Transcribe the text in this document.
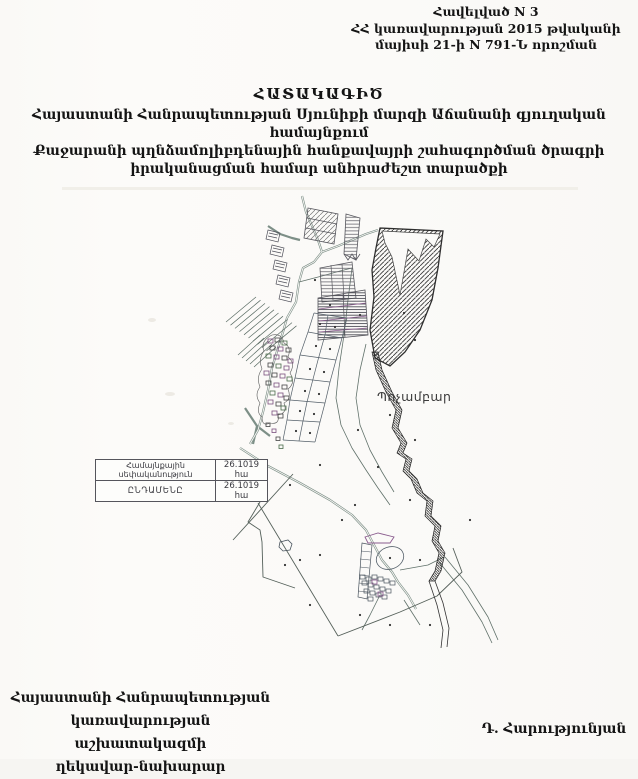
Հավելված N 3
ՀՀ կառավարության 2015 թվականի
մայիսի 21-ի N 791-Ն որոշման
ՀԱՏԱԿԱԳԻԾ

Հայաստանի Հանրապետության Սյունիքի մարզի Աճանանի գյուղական համայնքում

Քաջարանի պղնձամոլիբդենային հանքավայրի շահագործման ծրագրի

իրականացման համար անհրաժեշտ տարածքի

Պոչամբար
Համայնքային սեփականություն	26.1019 հա
ԸՆԴԱՄԵՆԸ	26.1019 հա
Հայաստանի Հանրապետության
կառավարության աշխատակազմի
ղեկավար-նախարար
Դ. Հարությունյան
